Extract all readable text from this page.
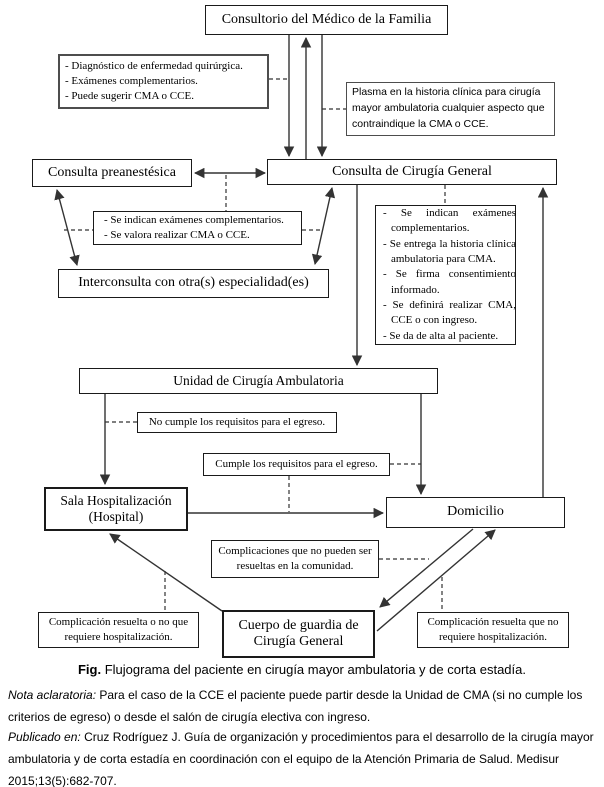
Consultorio del Médico de la Familia
Consulta preanestésica	Consulta de Cirugía General
Interconsulta con otra(s) especialidad(es)
Unidad de Cirugía Ambulatoria
Sala Hospitalización
(Hospital)	Domicilio
Cuerpo de guardia de
Cirugía General
- Diagnóstico de enfermedad quirúrgica.
- Exámenes complementarios.
- Puede sugerir CMA o CCE.	Plasma en la historia clínica para cirugía mayor ambulatoria cualquier aspecto que contraindique la CMA o CCE.
- Se indican exámenes complementarios.
- Se valora realizar CMA o CCE.
- Se indican exámenes complementarios.
- Se entrega la historia clínica ambulatoria para CMA.
- Se firma consentimiento informado.
- Se definirá realizar CMA, CCE o con ingreso.
- Se da de alta al paciente.
No cumple los requisitos para el egreso.
Cumple los requisitos para el egreso.
Complicaciones que no pueden ser resueltas en la comunidad.
Complicación resuelta o no que requiere hospitalización.
Complicación resuelta que no requiere hospitalización.
Fig. Flujograma del paciente en cirugía mayor ambulatoria y de corta estadía.
Nota aclaratoria: Para el caso de la CCE el paciente puede partir desde la Unidad de CMA (si no cumple los criterios de egreso) o desde el salón de cirugía electiva con ingreso.
Publicado en: Cruz Rodríguez J. Guía de organización y procedimientos para el desarrollo de la cirugía mayor ambulatoria y de corta estadía en coordinación con el equipo de la Atención Primaria de Salud. Medisur 2015;13(5):682-707.
